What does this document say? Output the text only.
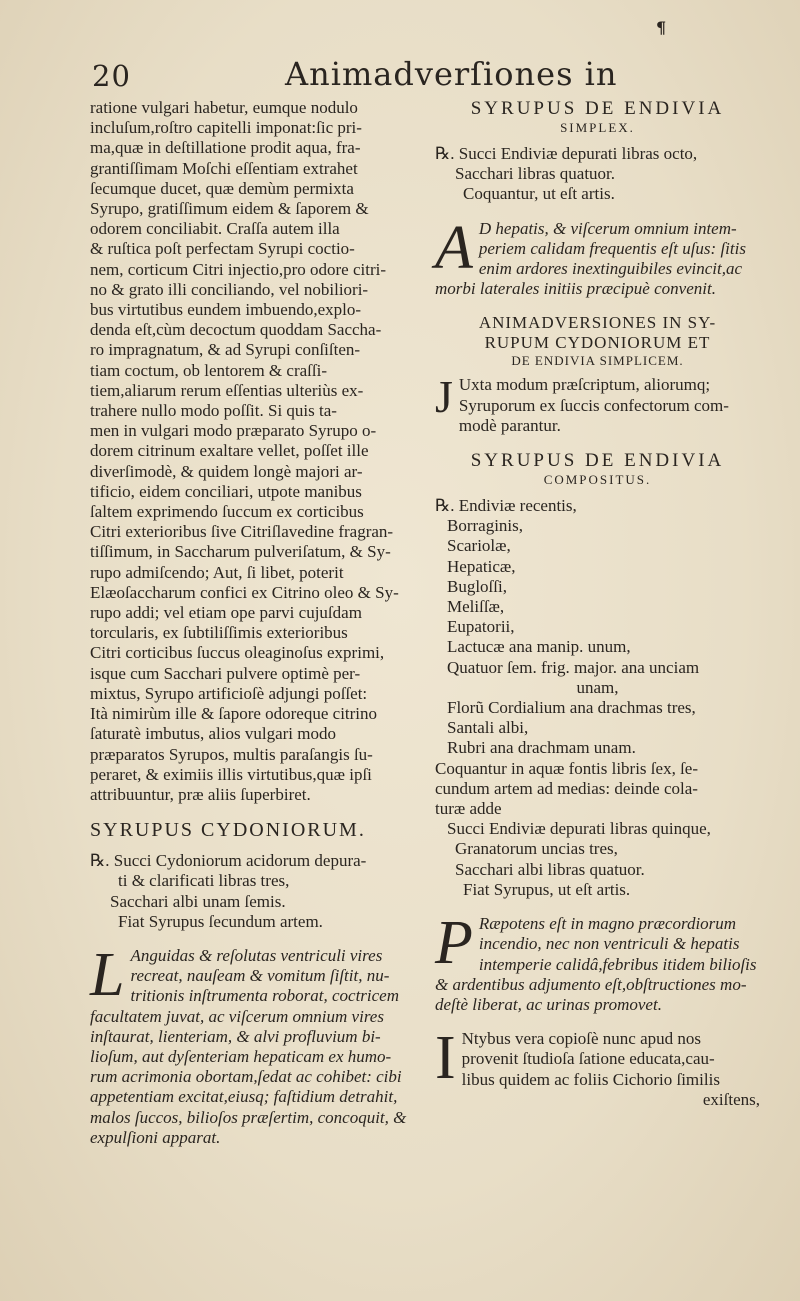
¶
20	Animadverſiones in
ratione vulgari habetur, eumque nodulo
incluſum,roſtro capitelli imponat:ſic pri-
ma,quæ in deſtillatione prodit aqua, fra-
grantiſſimam Moſchi eſſentiam extrahet
ſecumque ducet, quæ demùm permixta
Syrupo, gratiſſimum eidem & ſaporem &
odorem conciliabit. Craſſa autem illa
& ruſtica poſt perfectam Syrupi coctio-
nem, corticum Citri injectio,pro odore citri-
no & grato illi conciliando, vel nobiliori-
bus virtutibus eundem imbuendo,explo-
denda eſt,cùm decoctum quoddam Saccha-
ro impragnatum, & ad Syrupi conſiſten-
tiam coctum, ob lentorem & craſſi-
tiem,aliarum rerum eſſentias ulteriùs ex-
trahere nullo modo poſſit. Si quis ta-
men in vulgari modo præparato Syrupo o-
dorem citrinum exaltare vellet, poſſet ille
diverſimodè, & quidem longè majori ar-
tificio, eidem conciliari, utpote manibus
ſaltem exprimendo ſuccum ex corticibus
Citri exterioribus ſive Citriſlavedine fragran-
tiſſimum, in Saccharum pulveriſatum, & Sy-
rupo admiſcendo; Aut, ſi libet, poterit
Elæoſaccharum confici ex Citrino oleo & Sy-
rupo addi; vel etiam ope parvi cujuſdam
torcularis, ex ſubtiliſſimis exterioribus
Citri corticibus ſuccus oleaginoſus exprimi,
isque cum Sacchari pulvere optimè per-
mixtus, Syrupo artificioſè adjungi poſſet:
Ità nimirùm ille & ſapore odoreque citrino
ſaturatè imbutus, alios vulgari modo
præparatos Syrupos, multis paraſangis ſu-
peraret, & eximiis illis virtutibus,quæ ipſi
attribuuntur, præ aliis ſuperbiret.
SYRUPUS CYDONIORUM.
℞. Succi Cydoniorum acidorum depura-
ti & clarificati libras tres,
Sacchari albi unam ſemis.
Fiat Syrupus ſecundum artem.
L Anguidas & reſolutas ventriculi vires
recreat, nauſeam & vomitum ſiſtit, nu-
tritionis inſtrumenta roborat, coctricem
facultatem juvat, ac viſcerum omnium vires
inſtaurat, lienteriam, & alvi profluvium bi-
lioſum, aut dyſenteriam hepaticam ex humo-
rum acrimonia obortam,ſedat ac cohibet: cibi
appetentiam excitat,eiusq; faſtidium detrahit,
malos ſuccos, bilioſos præſertim, concoquit, &
expulſioni apparat.
SYRUPUS DE ENDIVIA
SIMPLEX.
℞. Succi Endiviæ depurati libras octo,
Sacchari libras quatuor.
Coquantur, ut eſt artis.
A D hepatis, & viſcerum omnium intem-
periem calidam frequentis eſt uſus: ſitis
enim ardores inextinguibiles evincit,ac
morbi laterales initiis præcipuè convenit.
ANIMADVERSIONES IN SY-
RUPUM CYDONIORUM ET
DE ENDIVIA SIMPLICEM.
J Uxta modum præſcriptum, aliorumq;
Syruporum ex ſuccis confectorum com-
modè parantur.
SYRUPUS DE ENDIVIA
COMPOSITUS.
℞. Endiviæ recentis,
Borraginis,
Scariolæ,
Hepaticæ,
Bugloſſi,
Meliſſæ,
Eupatorii,
Lactucæ ana manip. unum,
Quatuor ſem. frig. major. ana unciam
unam,
Florũ Cordialium ana drachmas tres,
Santali albi,
Rubri ana drachmam unam.
Coquantur in aquæ fontis libris ſex, ſe-
cundum artem ad medias: deinde cola-
turæ adde
Succi Endiviæ depurati libras quinque,
Granatorum uncias tres,
Sacchari albi libras quatuor.
Fiat Syrupus, ut eſt artis.
P Ræpotens eſt in magno præcordiorum
incendio, nec non ventriculi & hepatis
intemperie calidâ,febribus itidem bilioſis
& ardentibus adjumento eſt,obſtructiones mo-
deſtè liberat, ac urinas promovet.
I Ntybus vera copioſè nunc apud nos
provenit ſtudioſa ſatione educata,cau-
libus quidem ac foliis Cichorio ſimilis
exiſtens,
